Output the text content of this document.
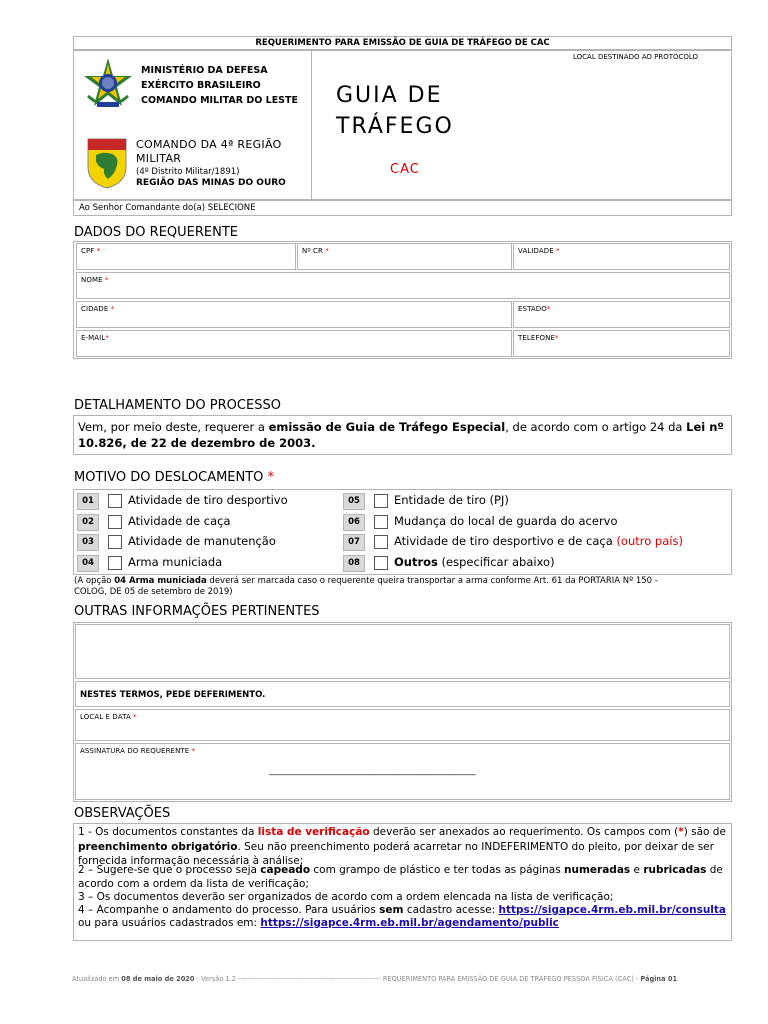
REQUERIMENTO PARA EMISSÃO DE GUIA DE TRÁFEGO DE CAC
MINISTÉRIO DA DEFESA
EXÉRCITO BRASILEIRO
COMANDO MILITAR DO LESTE
COMANDO DA 4ª REGIÃO
MILITAR
(4º Distrito Militar/1891)
REGIÃO DAS MINAS DO OURO
LOCAL DESTINADO AO PROTOCOLO
GUIA DE TRÁFEGO
CAC
Ao Senhor Comandante do(a) SELECIONE
DADOS DO REQUERENTE
CPF *	Nº CR *	VALIDADE *
NOME *
CIDADE *	ESTADO*
E-MAIL*	TELEFONE*
DETALHAMENTO DO PROCESSO
Vem, por meio deste, requerer a emissão de Guia de Tráfego Especial, de acordo com o artigo 24 da Lei nº
10.826, de 22 de dezembro de 2003.
MOTIVO DO DESLOCAMENTO *
01	Atividade de tiro desportivo
02	Atividade de caça
03	Atividade de manutenção
04	Arma municiada
05	Entidade de tiro (PJ)
06	Mudança do local de guarda do acervo
07	Atividade de tiro desportivo e de caça (outro país)
08	Outros (especificar abaixo)
(A opção 04 Arma municiada deverá ser marcada caso o requerente queira transportar a arma conforme Art. 61 da PORTARIA Nº 150 -
COLOG, DE 05 de setembro de 2019)
OUTRAS INFORMAÇÕES PERTINENTES
NESTES TERMOS, PEDE DEFERIMENTO.
LOCAL E DATA *
ASSINATURA DO REQUERENTE *
____________________________________________
OBSERVAÇÕES
1 - Os documentos constantes da lista de verificação deverão ser anexados ao requerimento. Os campos com (*) são de
preenchimento obrigatório. Seu não preenchimento poderá acarretar no INDEFERIMENTO do pleito, por deixar de ser
fornecida informação necessária à análise;
2 – Sugere-se que o processo seja capeado com grampo de plástico e ter todas as páginas numeradas e rubricadas de
acordo com a ordem da lista de verificação;
3 – Os documentos deverão ser organizados de acordo com a ordem elencada na lista de verificação;
4 – Acompanhe o andamento do processo. Para usuários sem cadastro acesse: https://sigapce.4rm.eb.mil.br/consulta
ou para usuários cadastrados em: https://sigapce.4rm.eb.mil.br/agendamento/public
Atualizado em 08 de maio de 2020 - Versão 1.2 ------------------------------------------------------------ REQUERIMENTO PARA EMISSÃO DE GUIA DE TRÁFEGO PESSOA FÍSICA (CAC) - Página 01
